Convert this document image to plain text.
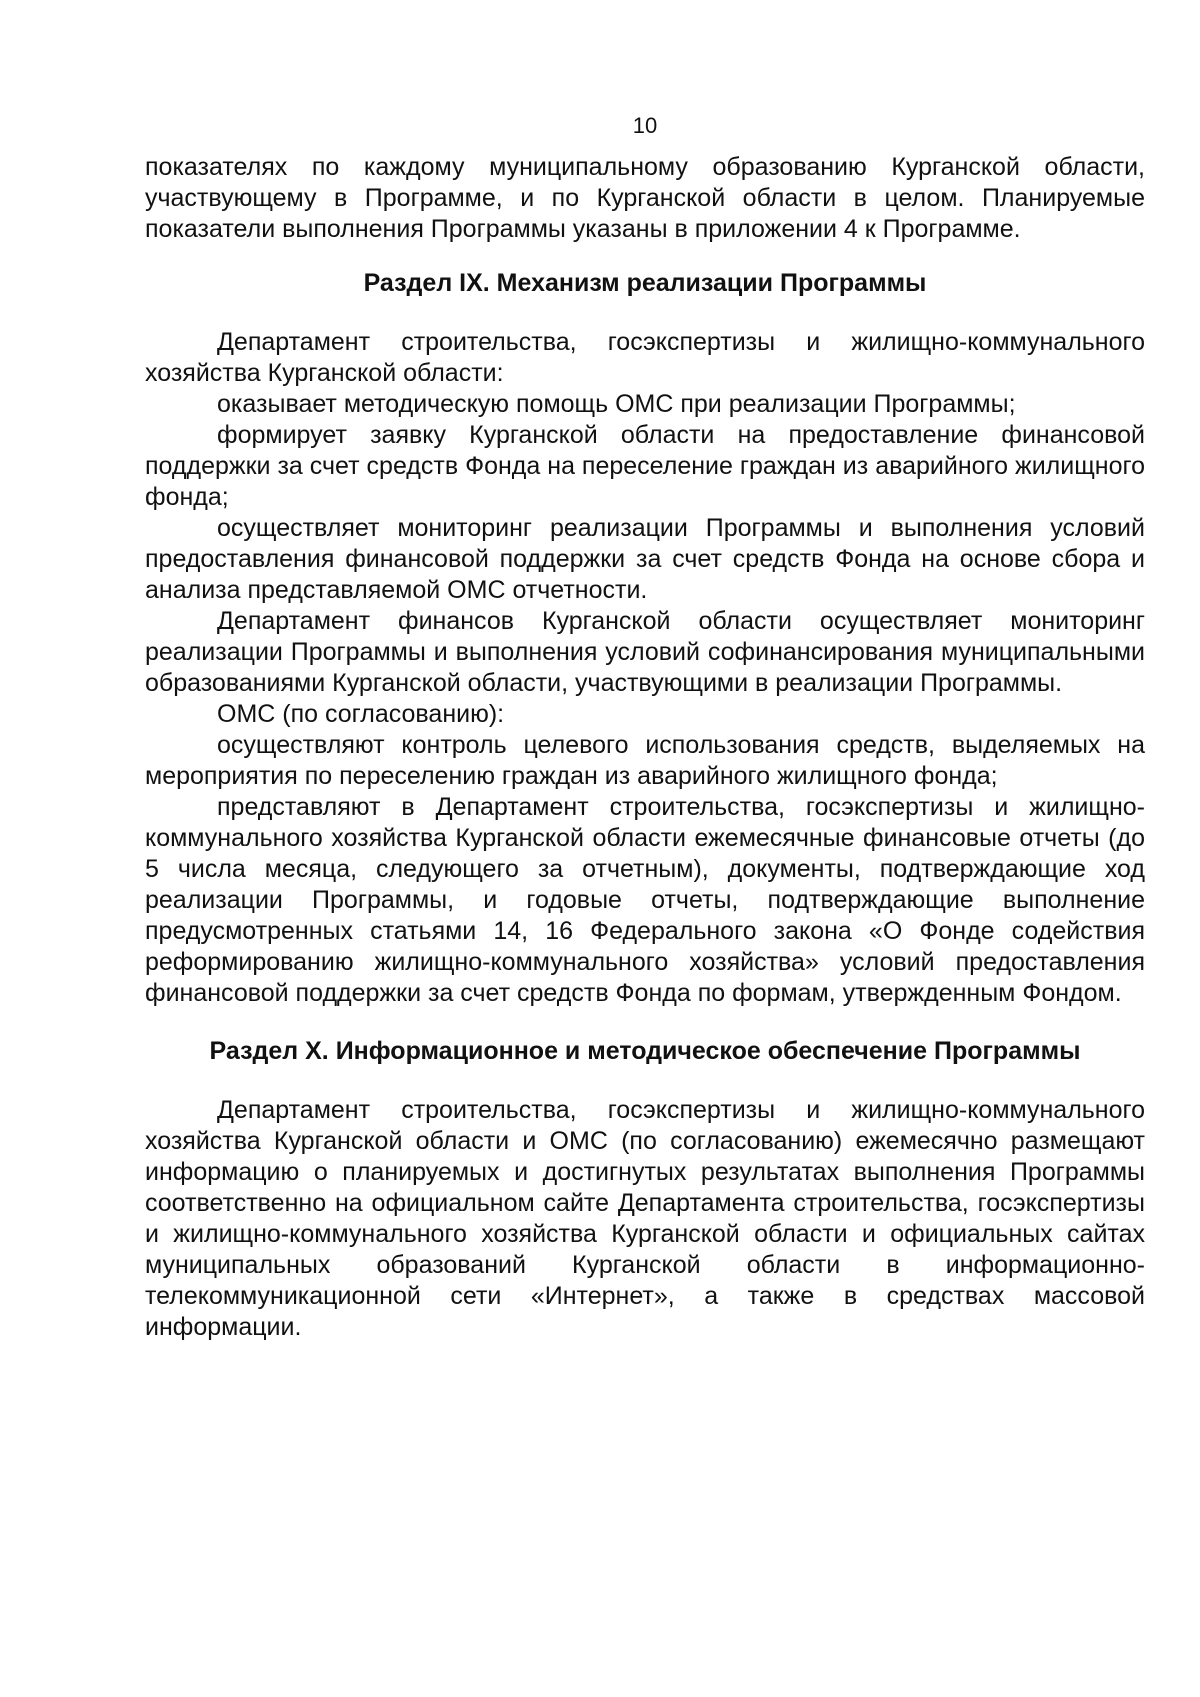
10

показателях по каждому муниципальному образованию Курганской области, участвующему в Программе, и по Курганской области в целом. Планируемые показатели выполнения Программы указаны в приложении 4 к Программе.

Раздел IX. Механизм реализации Программы

Департамент строительства, госэкспертизы и жилищно-коммунального хозяйства Курганской области:

оказывает методическую помощь ОМС при реализации Программы;

формирует заявку Курганской области на предоставление финансовой поддержки за счет средств Фонда на переселение граждан из аварийного жилищного фонда;

осуществляет мониторинг реализации Программы и выполнения условий предоставления финансовой поддержки за счет средств Фонда на основе сбора и анализа представляемой ОМС отчетности.

Департамент финансов Курганской области осуществляет мониторинг реализации Программы и выполнения условий софинансирования муниципальными образованиями Курганской области, участвующими в реализации Программы.

ОМС (по согласованию):

осуществляют контроль целевого использования средств, выделяемых на мероприятия по переселению граждан из аварийного жилищного фонда;

представляют в Департамент строительства, госэкспертизы и жилищно-коммунального хозяйства Курганской области ежемесячные финансовые отчеты (до 5 числа месяца, следующего за отчетным), документы, подтверждающие ход реализации Программы, и годовые отчеты, подтверждающие выполнение предусмотренных статьями 14, 16 Федерального закона «О Фонде содействия реформированию жилищно-коммунального хозяйства» условий предоставления финансовой поддержки за счет средств Фонда по формам, утвержденным Фондом.

Раздел X. Информационное и методическое обеспечение Программы

Департамент строительства, госэкспертизы и жилищно-коммунального хозяйства Курганской области и ОМС (по согласованию) ежемесячно размещают информацию о планируемых и достигнутых результатах выполнения Программы соответственно на официальном сайте Департамента строительства, госэкспертизы и жилищно-коммунального хозяйства Курганской области и официальных сайтах муниципальных образований Курганской области в информационно-телекоммуникационной сети «Интернет», а также в средствах массовой информации.
